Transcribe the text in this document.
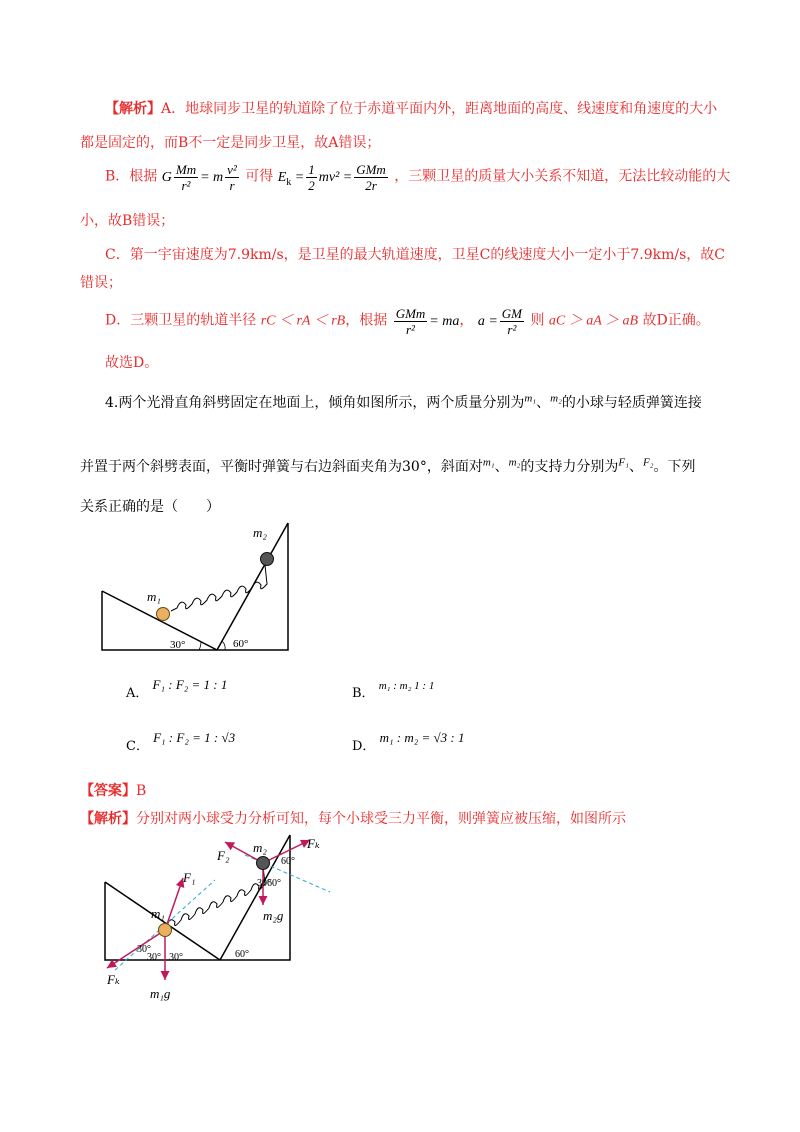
【解析】A．地球同步卫星的轨道除了位于赤道平面内外，距离地面的高度、线速度和角速度的大小
都是固定的，而B不一定是同步卫星，故A错误；
B．根据 G $\frac{Mm}{\text{r²}} = m \frac{\text{v²}}{r}$ 可得 $E_k = \frac{1}{2} mv^2 = \frac{\text{GMm}}{2r}$ ，三颗卫星的质量大小关系不知道，无法比较动能的大
小，故B错误；
C．第一宇宙速度为7.9km/s，是卫星的最大轨道速度，卫星C的线速度大小一定小于7.9km/s，故C
错误；
D．三颗卫星的轨道半径 rC ＜ rA ＜ rB，根据 $\frac{\text{GMm}}{\text{r²}}$ = ma， $a = \frac{GM}{\text{r²}}$ 则 aC ＞ aA ＞ aB 故D正确。
故选D。
4.两个光滑直角斜劈固定在地面上，倾角如图所示，两个质量分别为$^{m_1}$、$^{m_2}$的小球与轻质弹簧连接
并置于两个斜劈表面，平衡时弹簧与右边斜面夹角为30°，斜面对$^{m_1}$、$^{m_2}$的支持力分别为$^{F_1}$、$^{F_2}$。下列
关系正确的是（　　）
m₁
m₂
30°	60°
A． F₁ : F₂ = 1 : 1
B． $^{m_1 : m_2 1 : 1}$
C． F₁ : F₂ = 1 : √3
D． m₁ : m₂ = √3 : 1
【答案】B
【解析】分别对两小球受力分析可知，每个小球受三力平衡，则弹簧应被压缩，如图所示
m₁
m₂
F₁
F₂
Fₖ
Fₖ
m₂g
m₁g
30°
30° 30°	60°
30°
60°
60°
